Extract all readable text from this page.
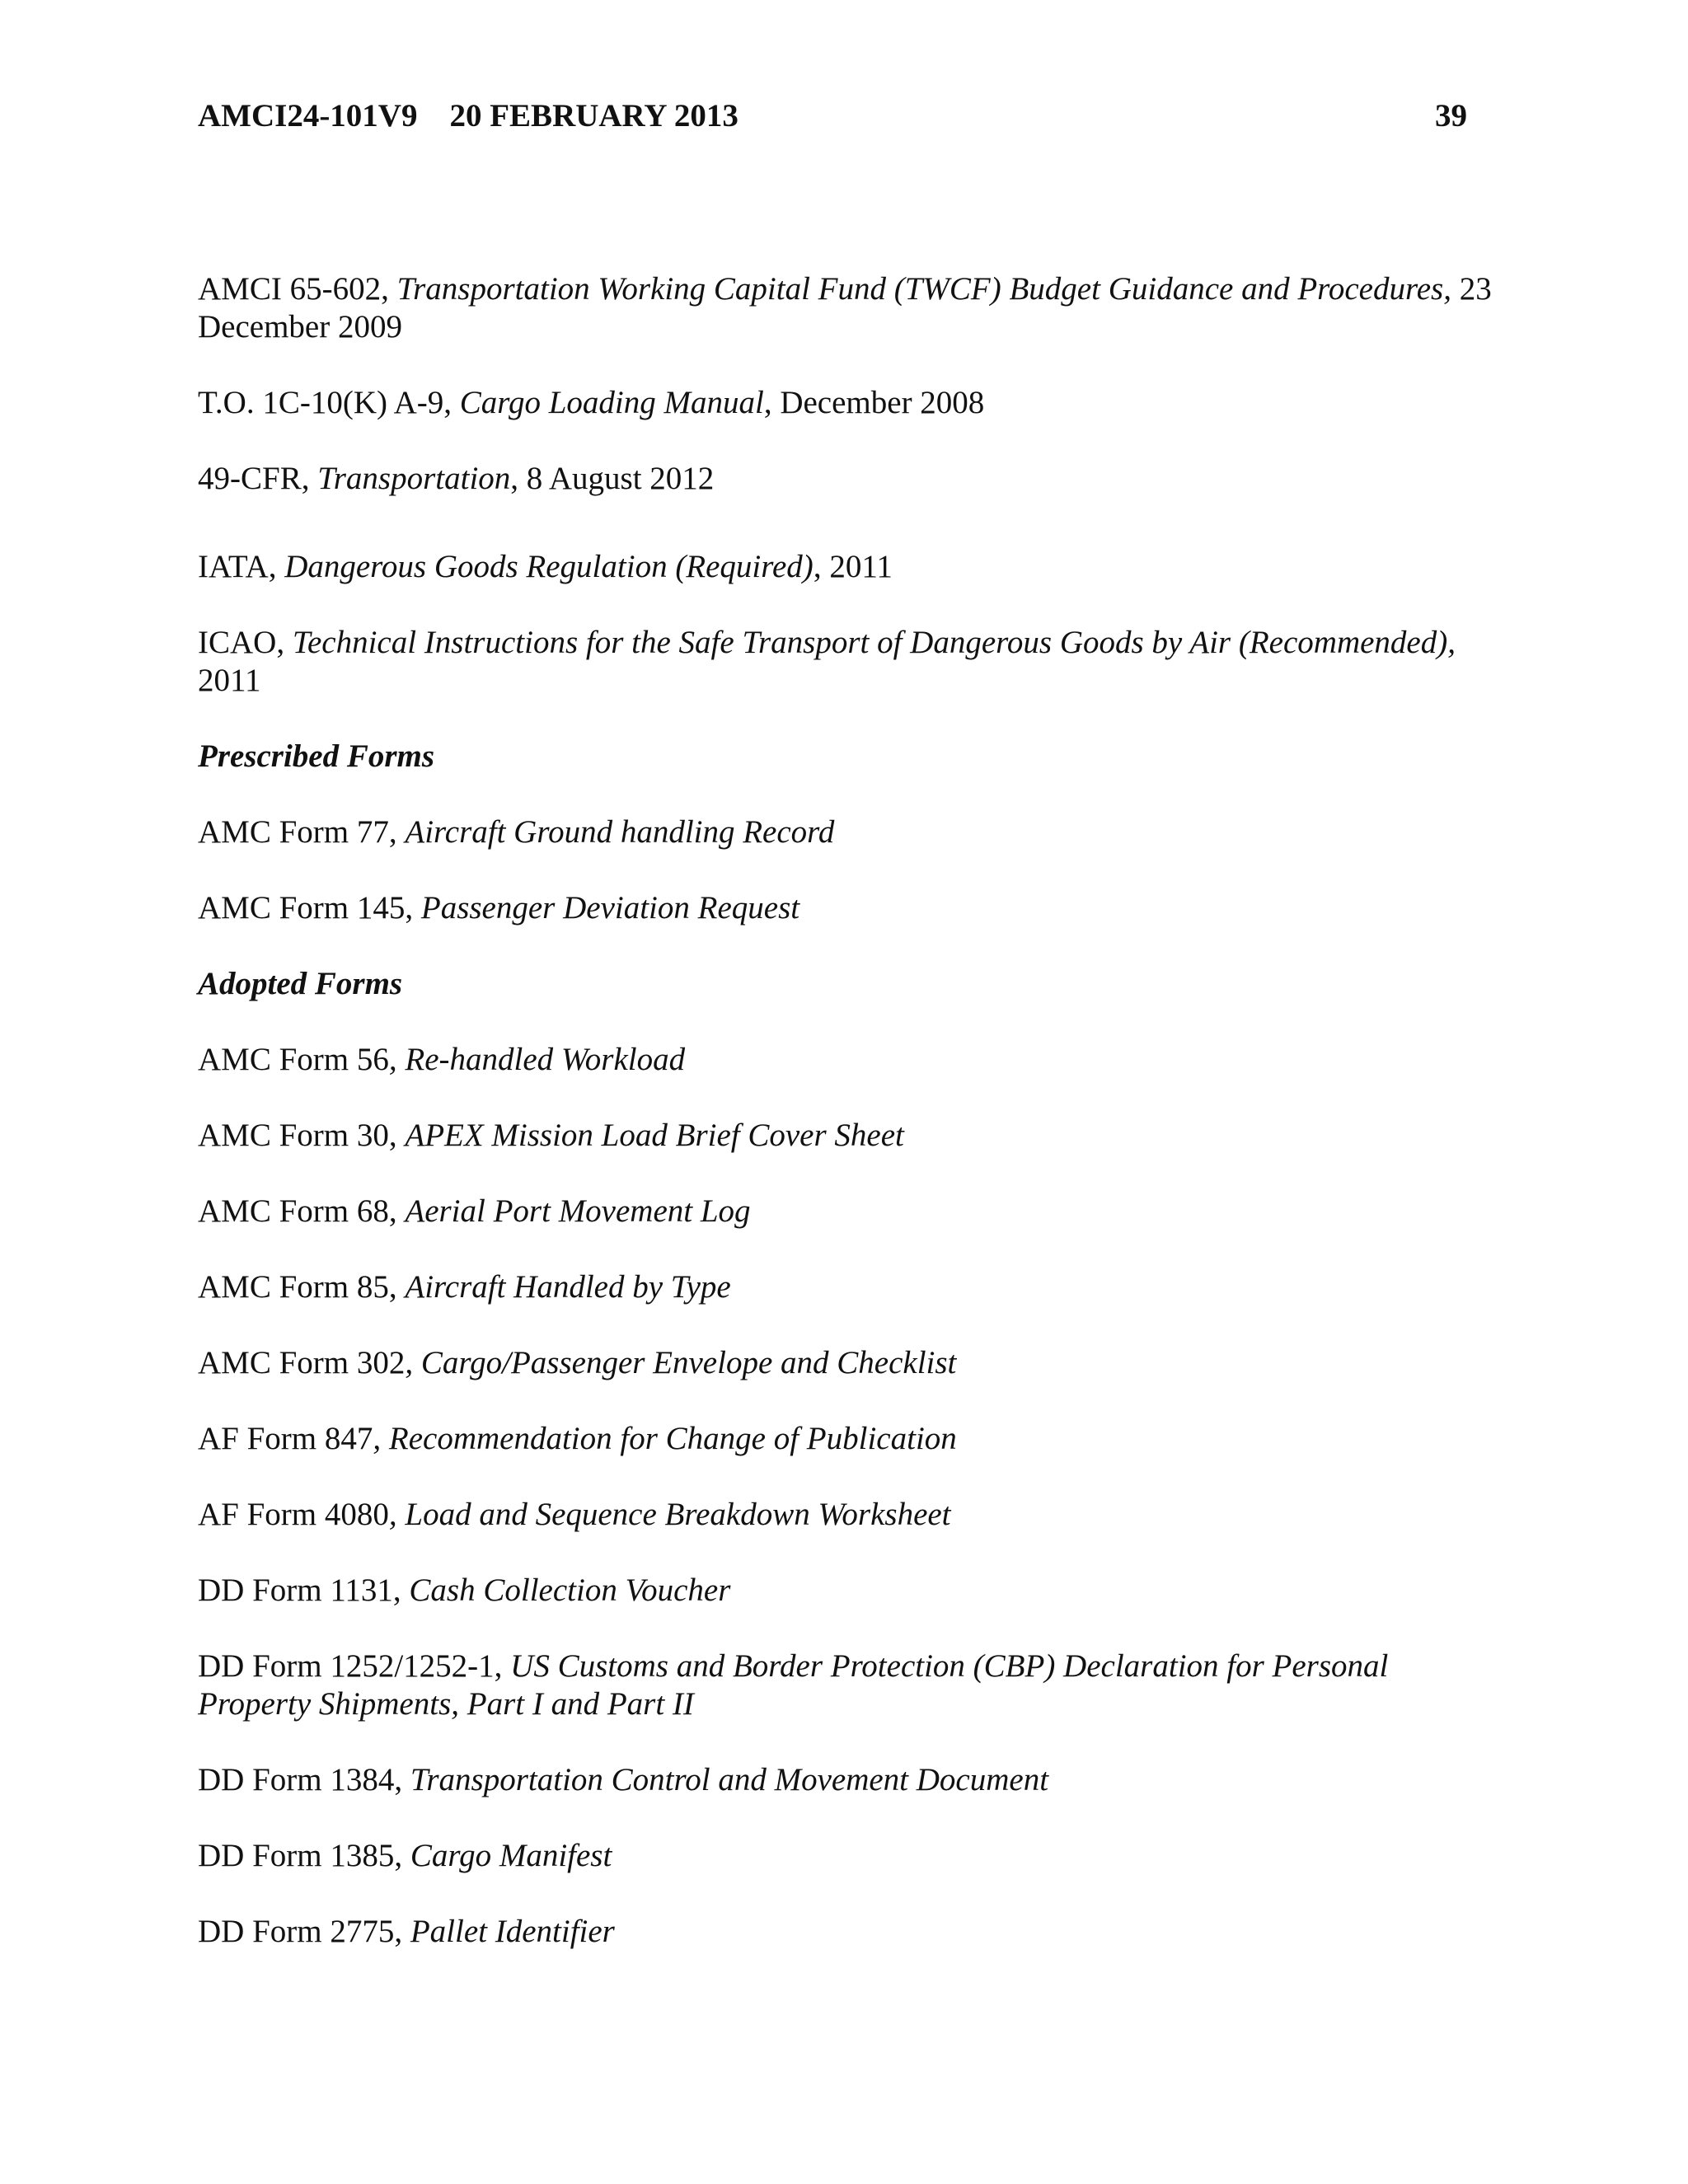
AMCI24-101V9    20 FEBRUARY 2013	39

AMCI 65-602, Transportation Working Capital Fund (TWCF) Budget Guidance and Procedures, 23 December 2009

T.O. 1C-10(K) A-9, Cargo Loading Manual, December 2008

49-CFR, Transportation, 8 August 2012

IATA, Dangerous Goods Regulation (Required), 2011

ICAO, Technical Instructions for the Safe Transport of Dangerous Goods by Air (Recommended), 2011

Prescribed Forms

AMC Form 77, Aircraft Ground handling Record

AMC Form 145, Passenger Deviation Request

Adopted Forms

AMC Form 56, Re-handled Workload

AMC Form 30, APEX Mission Load Brief Cover Sheet

AMC Form 68, Aerial Port Movement Log

AMC Form 85, Aircraft Handled by Type

AMC Form 302, Cargo/Passenger Envelope and Checklist

AF Form 847, Recommendation for Change of Publication

AF Form 4080, Load and Sequence Breakdown Worksheet

DD Form 1131, Cash Collection Voucher

DD Form 1252/1252-1, US Customs and Border Protection (CBP) Declaration for Personal Property Shipments, Part I and Part II

DD Form 1384, Transportation Control and Movement Document

DD Form 1385, Cargo Manifest

DD Form 2775, Pallet Identifier
